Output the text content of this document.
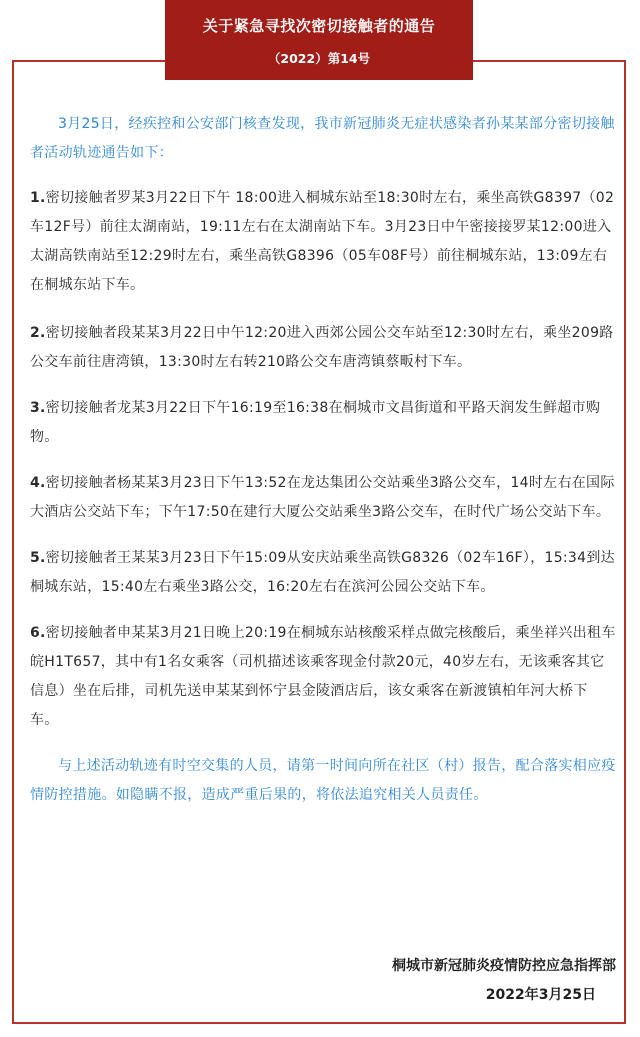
关于紧急寻找次密切接触者的通告
（2022）第14号

3月25日，经疾控和公安部门核查发现，我市新冠肺炎无症状感染者孙某某部分密切接触者活动轨迹通告如下：

1.密切接触者罗某3月22日下午 18:00进入桐城东站至18:30时左右，乘坐高铁G8397（02车12F号）前往太湖南站，19:11左右在太湖南站下车。3月23日中午密接接罗某12:00进入太湖高铁南站至12:29时左右，乘坐高铁G8396（05车08F号）前往桐城东站，13:09左右在桐城东站下车。

2.密切接触者段某某3月22日中午12:20进入西郊公园公交车站至12:30时左右，乘坐209路公交车前往唐湾镇，13:30时左右转210路公交车唐湾镇蔡畈村下车。

3.密切接触者龙某3月22日下午16:19至16:38在桐城市文昌街道和平路天润发生鲜超市购物。

4.密切接触者杨某某3月23日下午13:52在龙达集团公交站乘坐3路公交车，14时左右在国际大酒店公交站下车；下午17:50在建行大厦公交站乘坐3路公交车，在时代广场公交站下车。

5.密切接触者王某某3月23日下午15:09从安庆站乘坐高铁G8326（02车16F），15:34到达桐城东站，15:40左右乘坐3路公交，16:20左右在滨河公园公交站下车。

6.密切接触者申某某3月21日晚上20:19在桐城东站核酸采样点做完核酸后，乘坐祥兴出租车皖H1T657，其中有1名女乘客（司机描述该乘客现金付款20元，40岁左右，无该乘客其它信息）坐在后排，司机先送申某某到怀宁县金陵酒店后，该女乘客在新渡镇柏年河大桥下车。

与上述活动轨迹有时空交集的人员，请第一时间向所在社区（村）报告，配合落实相应疫情防控措施。如隐瞒不报，造成严重后果的，将依法追究相关人员责任。

桐城市新冠肺炎疫情防控应急指挥部
2022年3月25日
